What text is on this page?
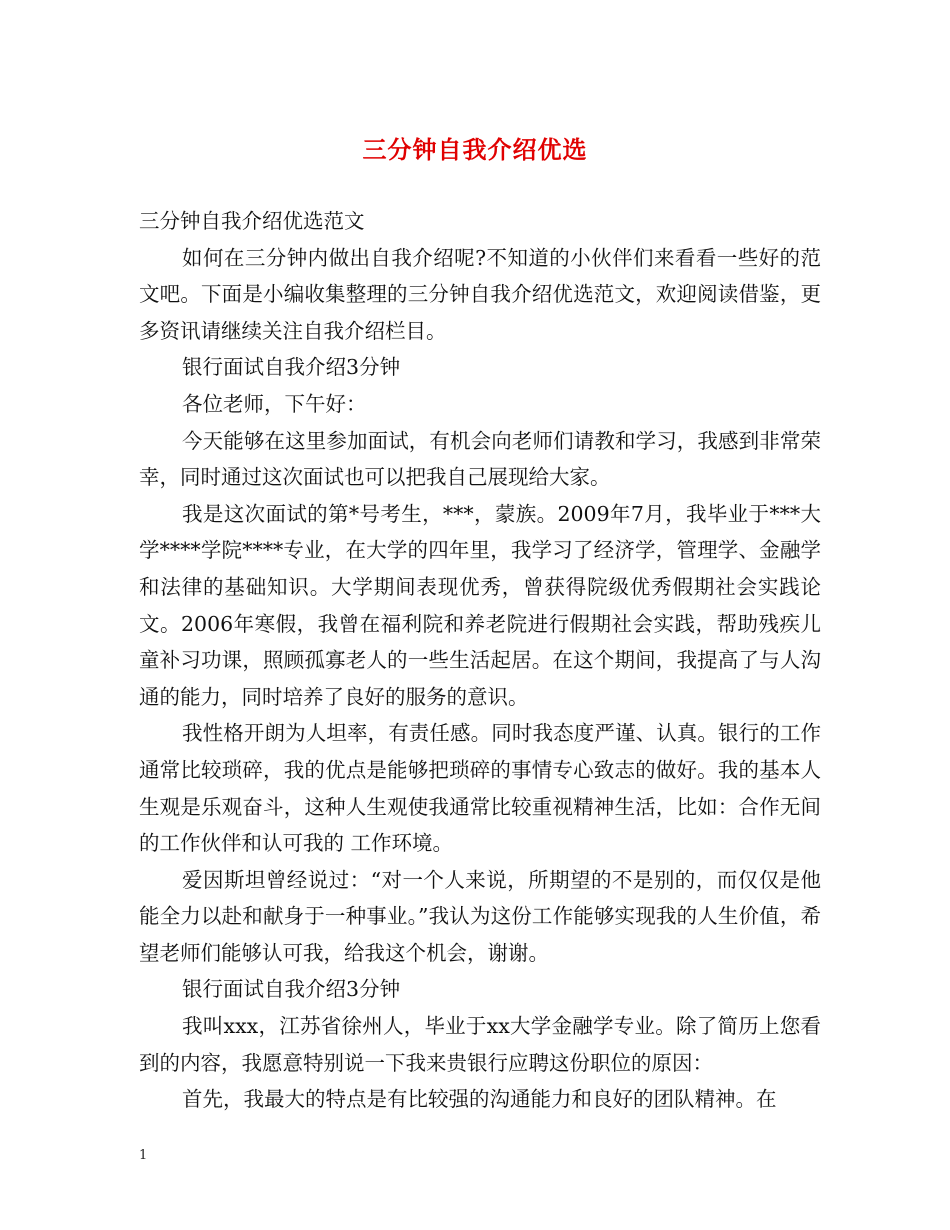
三分钟自我介绍优选

三分钟自我介绍优选范文

如何在三分钟内做出自我介绍呢?不知道的小伙伴们来看看一些好的范文吧。下面是小编收集整理的三分钟自我介绍优选范文，欢迎阅读借鉴，更多资讯请继续关注自我介绍栏目。

银行面试自我介绍3分钟

各位老师，下午好：

今天能够在这里参加面试，有机会向老师们请教和学习，我感到非常荣幸，同时通过这次面试也可以把我自己展现给大家。

我是这次面试的第*号考生，***，蒙族。2009年7月，我毕业于***大学****学院****专业，在大学的四年里，我学习了经济学，管理学、金融学和法律的基础知识。大学期间表现优秀，曾获得院级优秀假期社会实践论文。2006年寒假，我曾在福利院和养老院进行假期社会实践，帮助残疾儿童补习功课，照顾孤寡老人的一些生活起居。在这个期间，我提高了与人沟通的能力，同时培养了良好的服务的意识。

我性格开朗为人坦率，有责任感。同时我态度严谨、认真。银行的工作通常比较琐碎，我的优点是能够把琐碎的事情专心致志的做好。我的基本人生观是乐观奋斗，这种人生观使我通常比较重视精神生活，比如：合作无间的工作伙伴和认可我的 工作环境。

爱因斯坦曾经说过：“对一个人来说，所期望的不是别的，而仅仅是他能全力以赴和献身于一种事业。”我认为这份工作能够实现我的人生价值，希望老师们能够认可我，给我这个机会，谢谢。

银行面试自我介绍3分钟

我叫xxx，江苏省徐州人，毕业于xx大学金融学专业。除了简历上您看到的内容，我愿意特别说一下我来贵银行应聘这份职位的原因：

首先，我最大的特点是有比较强的沟通能力和良好的团队精神。在

1
